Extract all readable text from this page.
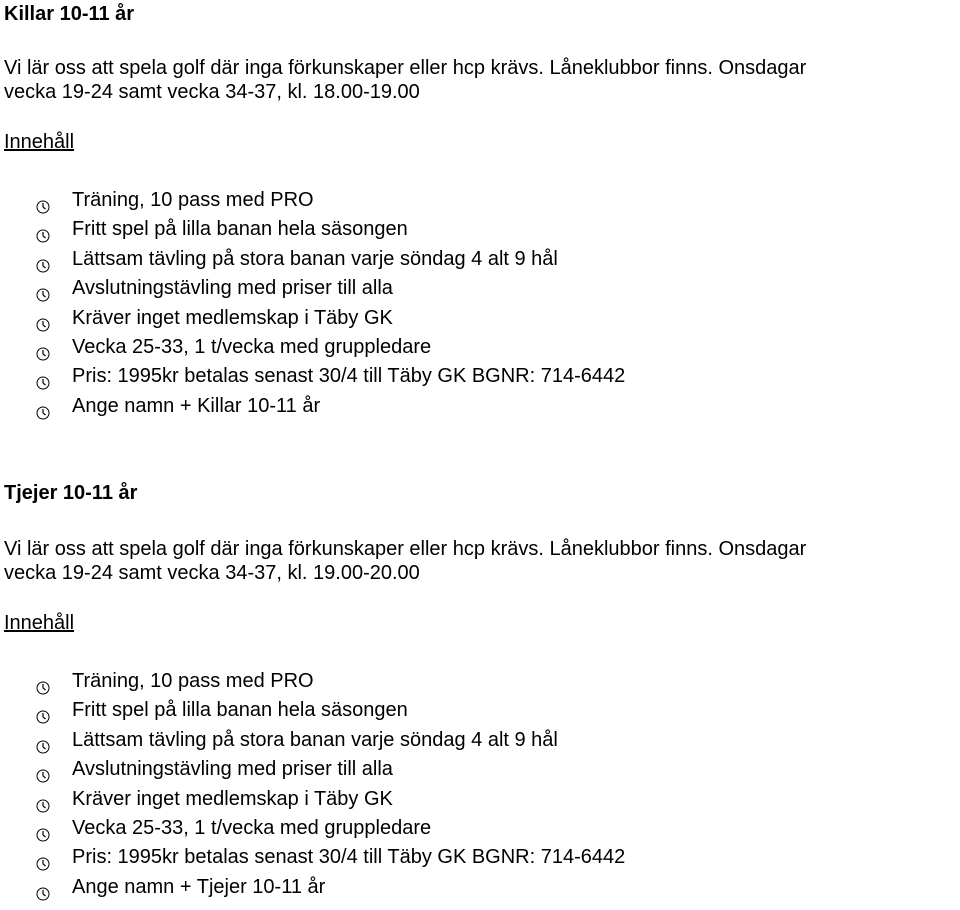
Killar 10-11 år

Vi lär oss att spela golf där inga förkunskaper eller hcp krävs. Låneklubbor finns. Onsdagar

vecka 19-24 samt vecka 34-37, kl. 18.00-19.00

Innehåll

Träning, 10 pass med PRO
Fritt spel på lilla banan hela säsongen
Lättsam tävling på stora banan varje söndag 4 alt 9 hål
Avslutningstävling med priser till alla
Kräver inget medlemskap i Täby GK
Vecka 25-33, 1 t/vecka med gruppledare
Pris: 1995kr betalas senast 30/4 till Täby GK BGNR: 714-6442
Ange namn + Killar 10-11 år
Tjejer 10-11 år

Vi lär oss att spela golf där inga förkunskaper eller hcp krävs. Låneklubbor finns. Onsdagar

vecka 19-24 samt vecka 34-37, kl. 19.00-20.00

Innehåll

Träning, 10 pass med PRO
Fritt spel på lilla banan hela säsongen
Lättsam tävling på stora banan varje söndag 4 alt 9 hål
Avslutningstävling med priser till alla
Kräver inget medlemskap i Täby GK
Vecka 25-33, 1 t/vecka med gruppledare
Pris: 1995kr betalas senast 30/4 till Täby GK BGNR: 714-6442
Ange namn + Tjejer 10-11 år
